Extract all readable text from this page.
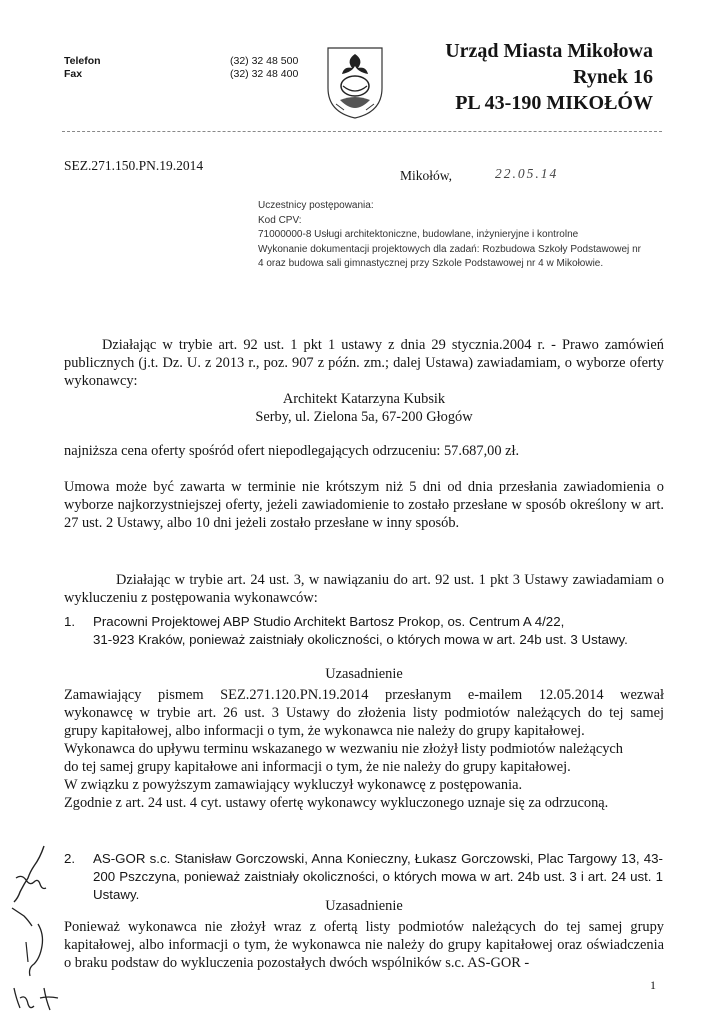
Telefon
Fax
(32) 32 48 500
(32) 32 48 400
Urząd Miasta Mikołowa
Rynek 16
PL 43-190 MIKOŁÓW
SEZ.271.150.PN.19.2014
Mikołów,	22.05.14
Uczestnicy postępowania:
Kod CPV:
71000000-8 Usługi architektoniczne, budowlane, inżynieryjne i kontrolne
Wykonanie dokumentacji projektowych dla zadań: Rozbudowa Szkoły Podstawowej nr 4 oraz budowa sali gimnastycznej przy Szkole Podstawowej nr 4 w Mikołowie.
Działając w trybie art. 92 ust. 1 pkt 1 ustawy z dnia 29 stycznia.2004 r. - Prawo zamówień publicznych (j.t. Dz. U. z 2013 r., poz. 907 z późn. zm.; dalej Ustawa) zawiadamiam, o wyborze oferty wykonawcy:
Architekt Katarzyna Kubsik
Serby, ul. Zielona 5a, 67-200 Głogów
najniższa cena oferty spośród ofert niepodlegających odrzuceniu: 57.687,00 zł.
Umowa może być zawarta w terminie nie krótszym niż 5 dni od dnia przesłania zawiadomienia o wyborze najkorzystniejszej oferty, jeżeli zawiadomienie to zostało przesłane w sposób określony w art. 27 ust. 2 Ustawy, albo 10 dni jeżeli zostało przesłane w inny sposób.
Działając w trybie art. 24 ust. 3, w nawiązaniu do art. 92 ust. 1 pkt 3 Ustawy zawiadamiam o wykluczeniu z postępowania wykonawców:
1. Pracowni Projektowej ABP Studio Architekt Bartosz Prokop, os. Centrum A 4/22,
31-923 Kraków, ponieważ zaistniały okoliczności, o których mowa w art. 24b ust. 3 Ustawy.
Uzasadnienie
Zamawiający pismem SEZ.271.120.PN.19.2014 przesłanym e-mailem 12.05.2014 wezwał
wykonawcę w trybie art. 26 ust. 3 Ustawy do złożenia listy podmiotów należących do tej samej
grupy kapitałowej, albo informacji o tym, że wykonawca nie należy do grupy kapitałowej.
Wykonawca do upływu terminu wskazanego w wezwaniu nie złożył listy podmiotów należących
do tej samej grupy kapitałowe ani informacji o tym, że nie należy do grupy kapitałowej.
W związku z powyższym zamawiający wykluczył wykonawcę z postępowania.
Zgodnie z art. 24 ust. 4 cyt. ustawy ofertę wykonawcy wykluczonego uznaje się za odrzuconą.
2. AS-GOR s.c. Stanisław Gorczowski, Anna Konieczny, Łukasz Gorczowski, Plac Targowy 13, 43-200 Pszczyna, ponieważ zaistniały okoliczności, o których mowa w art. 24b ust. 3 i art. 24 ust. 1 Ustawy.
Uzasadnienie
Ponieważ wykonawca nie złożył wraz z ofertą listy podmiotów należących do tej samej grupy kapitałowej, albo informacji o tym, że wykonawca nie należy do grupy kapitałowej oraz oświadczenia o braku podstaw do wykluczenia pozostałych dwóch wspólników s.c. AS-GOR -
1
